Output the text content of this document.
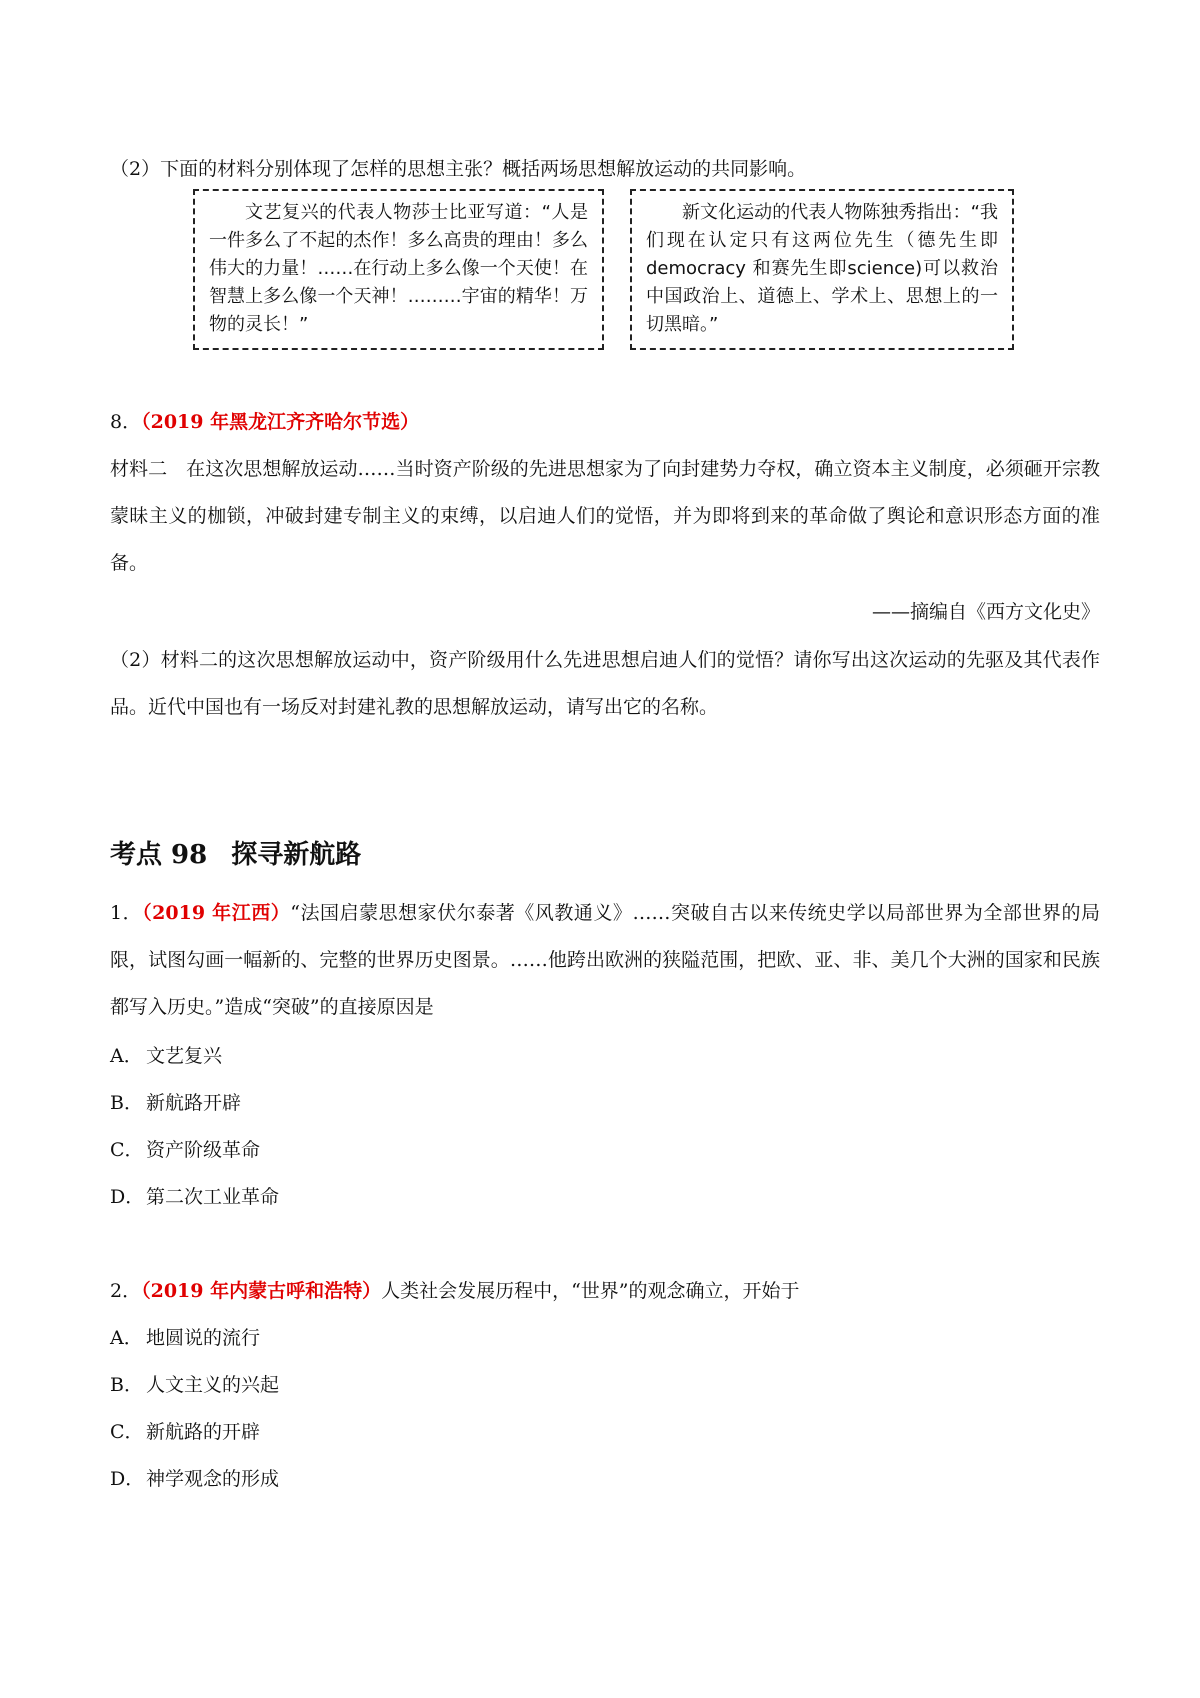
（2）下面的材料分别体现了怎样的思想主张？概括两场思想解放运动的共同影响。
文艺复兴的代表人物莎士比亚写道：“人是一件多么了不起的杰作！多么高贵的理由！多么伟大的力量！……在行动上多么像一个天使！在智慧上多么像一个天神！………宇宙的精华！万物的灵长！”
新文化运动的代表人物陈独秀指出：“我们现在认定只有这两位先生（德先生即 democracy 和赛先生即science)可以救治中国政治上、道德上、学术上、思想上的一切黑暗。”
8．（2019 年黑龙江齐齐哈尔节选）
材料二　在这次思想解放运动……当时资产阶级的先进思想家为了向封建势力夺权，确立资本主义制度，必须砸开宗教蒙昧主义的枷锁，冲破封建专制主义的束缚，以启迪人们的觉悟，并为即将到来的革命做了舆论和意识形态方面的准备。
——摘编自《西方文化史》
（2）材料二的这次思想解放运动中，资产阶级用什么先进思想启迪人们的觉悟？请你写出这次运动的先驱及其代表作品。近代中国也有一场反对封建礼教的思想解放运动，请写出它的名称。
考点 98 探寻新航路
1．（2019 年江西）“法国启蒙思想家伏尔泰著《风教通义》……突破自古以来传统史学以局部世界为全部世界的局限，试图勾画一幅新的、完整的世界历史图景。……他跨出欧洲的狭隘范围，把欧、亚、非、美几个大洲的国家和民族都写入历史。”造成“突破”的直接原因是
A． 文艺复兴
B． 新航路开辟
C． 资产阶级革命
D．第二次工业革命
2．（2019 年内蒙古呼和浩特）人类社会发展历程中，“世界”的观念确立，开始于
A． 地圆说的流行
B． 人文主义的兴起
C． 新航路的开辟
D．神学观念的形成
